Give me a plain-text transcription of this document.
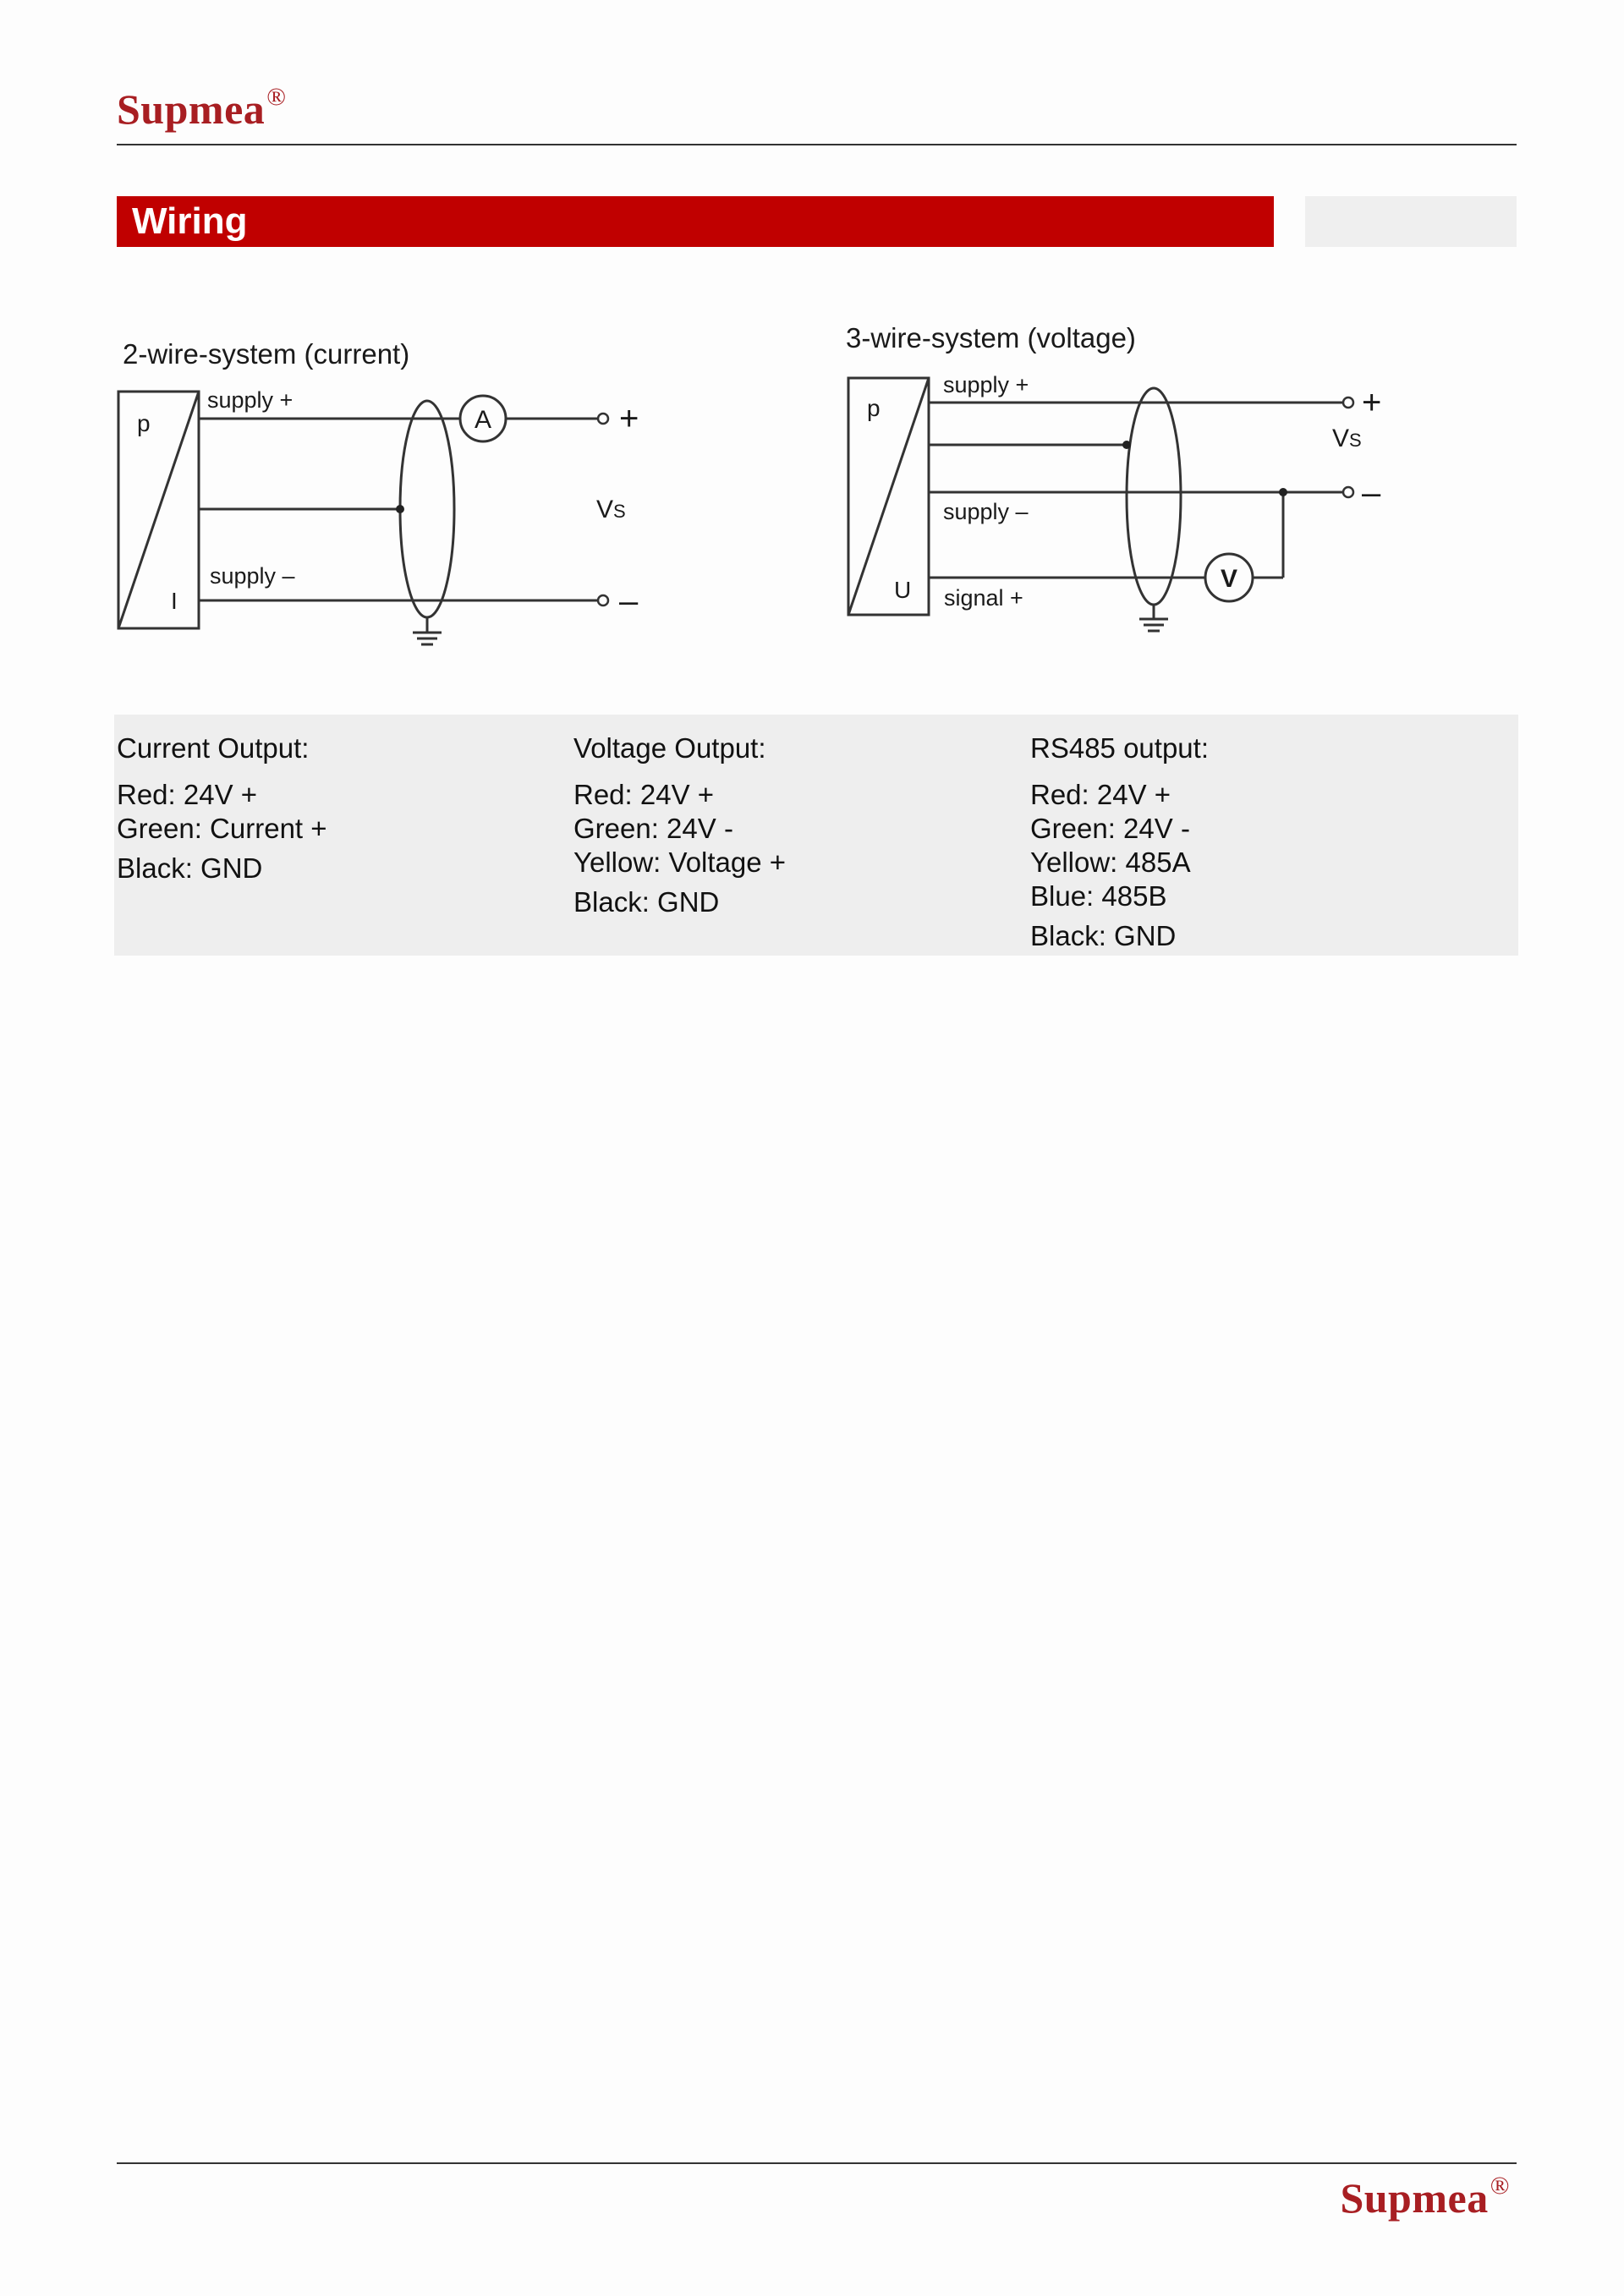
Supmea®
Wiring
2-wire-system (current)
p
I
supply +
supply –
A	+
–
VS
3-wire-system (voltage)
p
U
supply +
supply –
signal +
V
+
–
VS
Current Output:
Red: 24V +
Green: Current +
Black: GND
Voltage Output:
Red: 24V +
Green: 24V -
Yellow: Voltage +
Black: GND
RS485 output:
Red: 24V +
Green: 24V -
Yellow: 485A
Blue: 485B
Black: GND
Supmea®
